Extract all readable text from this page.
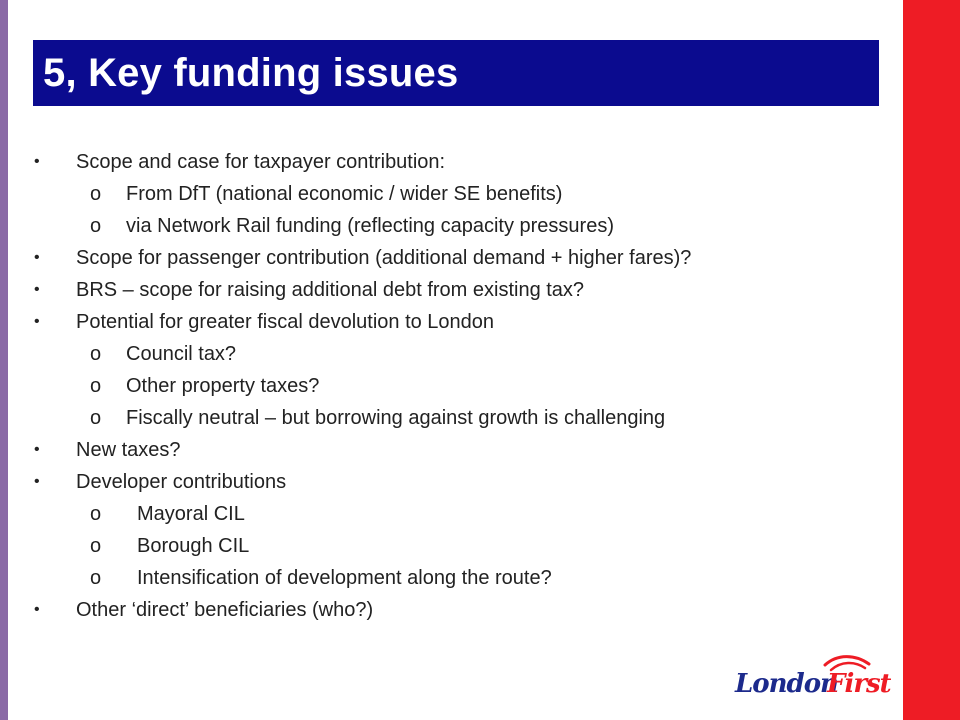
5, Key funding issues
• Scope and case for taxpayer contribution:
o From DfT (national economic / wider SE benefits)
o via Network Rail funding (reflecting capacity pressures)
• Scope for passenger contribution (additional demand + higher fares)?
• BRS – scope for raising additional debt from existing tax?
• Potential for greater fiscal devolution to London
o Council tax?
o Other property taxes?
o Fiscally neutral – but borrowing against growth is challenging
• New taxes?
• Developer contributions
o Mayoral CIL
o Borough CIL
o Intensification of development along the route?
• Other ‘direct’ beneficiaries (who?)
London
First
